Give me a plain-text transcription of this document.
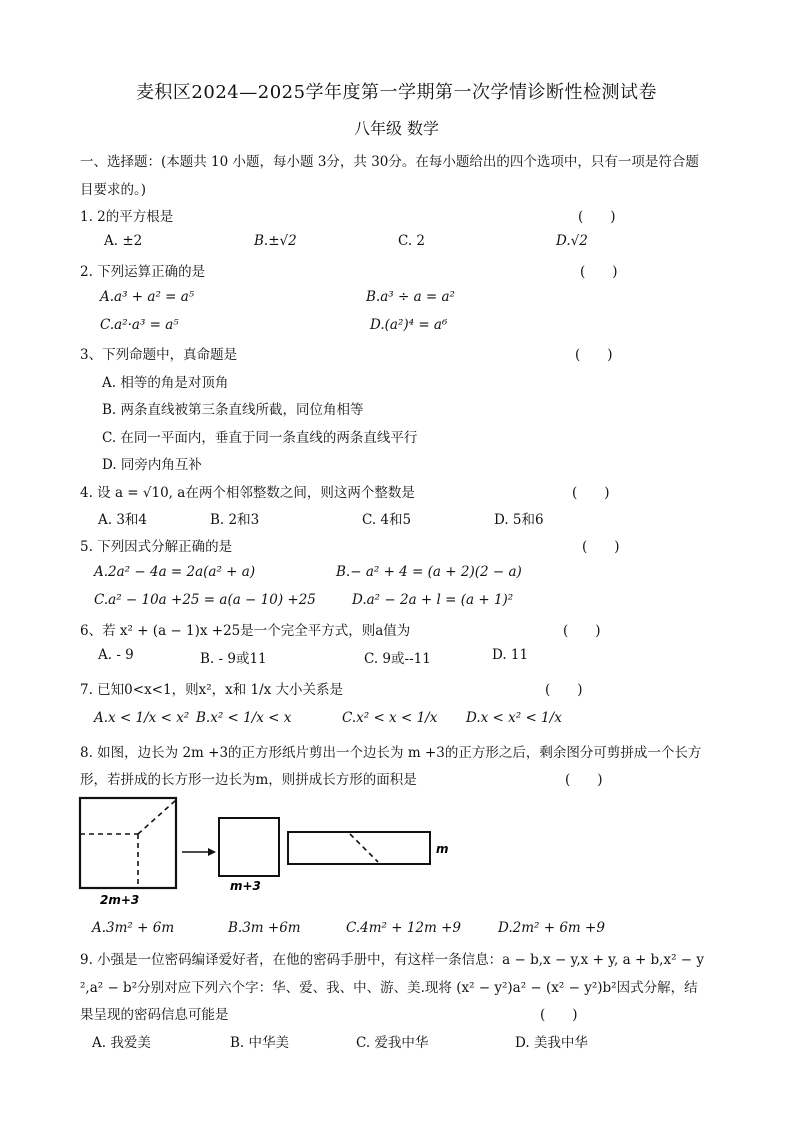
麦积区2024—2025学年度第一学期第一次学情诊断性检测试卷
八年级 数学
一、选择题：(本题共 10 小题，每小题 3分，共 30分。在每小题给出的四个选项中，只有一项是符合题
目要求的。)
1. 2的平方根是	(　　)
A. ±2	B.±√2	C. 2	D.√2
2. 下列运算正确的是	(　　)
A.a³ + a² = a⁵	B.a³ ÷ a = a²
C.a²·a³ = a⁵	D.(a²)⁴ = a⁶
3、下列命题中，真命题是	(　　)
A. 相等的角是对顶角
B. 两条直线被第三条直线所截，同位角相等
C. 在同一平面内，垂直于同一条直线的两条直线平行
D. 同旁内角互补
4. 设 a = √10, a在两个相邻整数之间，则这两个整数是	(　　)
A. 3和4	B. 2和3	C. 4和5	D. 5和6
5. 下列因式分解正确的是	(　　)
A.2a² − 4a = 2a(a² + a)	B.− a² + 4 = (a + 2)(2 − a)
C.a² − 10a +25 = a(a − 10) +25	D.a² − 2a + l = (a + 1)²
6、若 x² + (a − 1)x +25是一个完全平方式，则a值为	(　　)
A. - 9	B. - 9或11	C. 9或--11	D. 11
7. 已知0<x<1，则x²，x和 1/x 大小关系是	(　　)
A.x < 1/x < x² B.x² < 1/x < x	C.x² < x < 1/x D.x < x² < 1/x
8. 如图，边长为 2m +3的正方形纸片剪出一个边长为 m +3的正方形之后，剩余图分可剪拼成一个长方
形，若拼成的长方形一边长为m，则拼成长方形的面积是	(　　)
2m+3
m+3
m
A.3m² + 6m	B.3m +6m	C.4m² + 12m +9	D.2m² + 6m +9
9. 小强是一位密码编译爱好者，在他的密码手册中，有这样一条信息：a − b,x − y,x + y, a + b,x² − y
²,a² − b²分别对应下列六个字：华、爱、我、中、游、美.现将 (x² − y²)a² − (x² − y²)b²因式分解，结
果呈现的密码信息可能是	(　　)
A. 我爱美	B. 中华美	C. 爱我中华	D. 美我中华
